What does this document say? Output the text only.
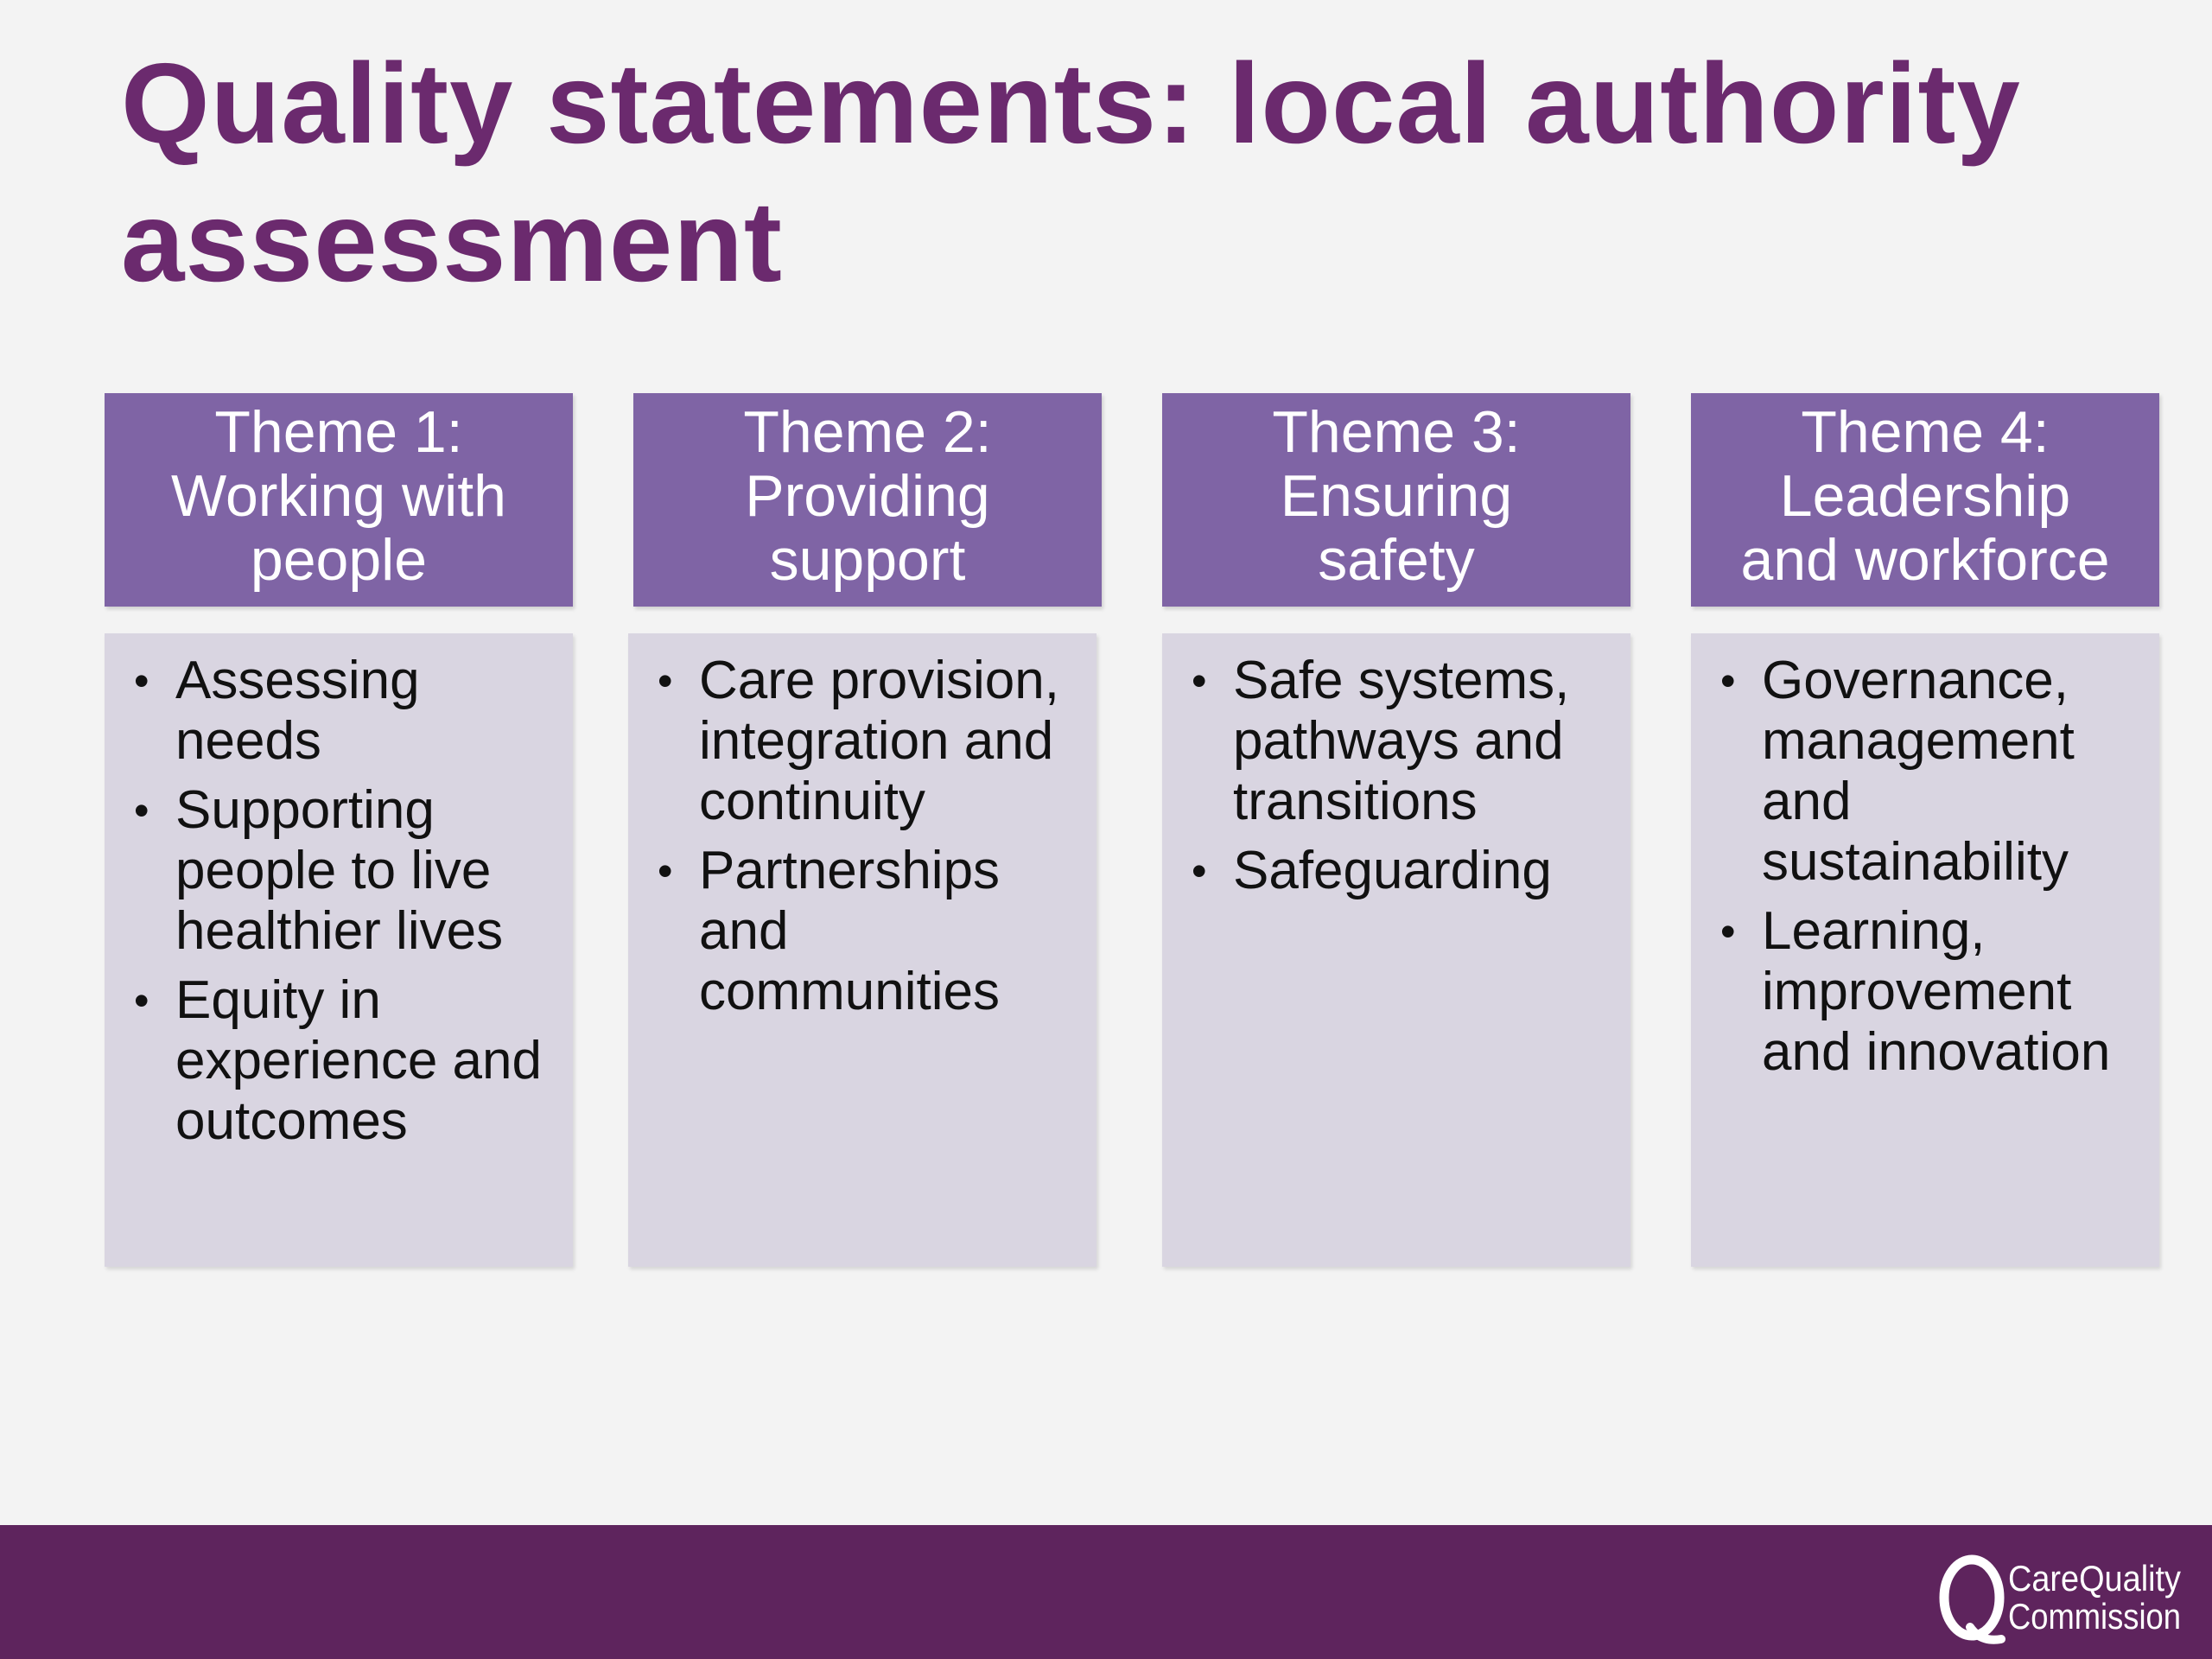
Quality statements: local authority assessment
Theme 1:
Working with
people
• Assessing needs
• Supporting people to live healthier lives
• Equity in experience and outcomes
Theme 2:
Providing
support
• Care provision, integration and continuity
• Partnerships and communities
Theme 3:
Ensuring
safety
• Safe systems, pathways and transitions
• Safeguarding
Theme 4:
Leadership
and workforce
• Governance, management and sustainability
• Learning, improvement and innovation
CareQuality
Commission
